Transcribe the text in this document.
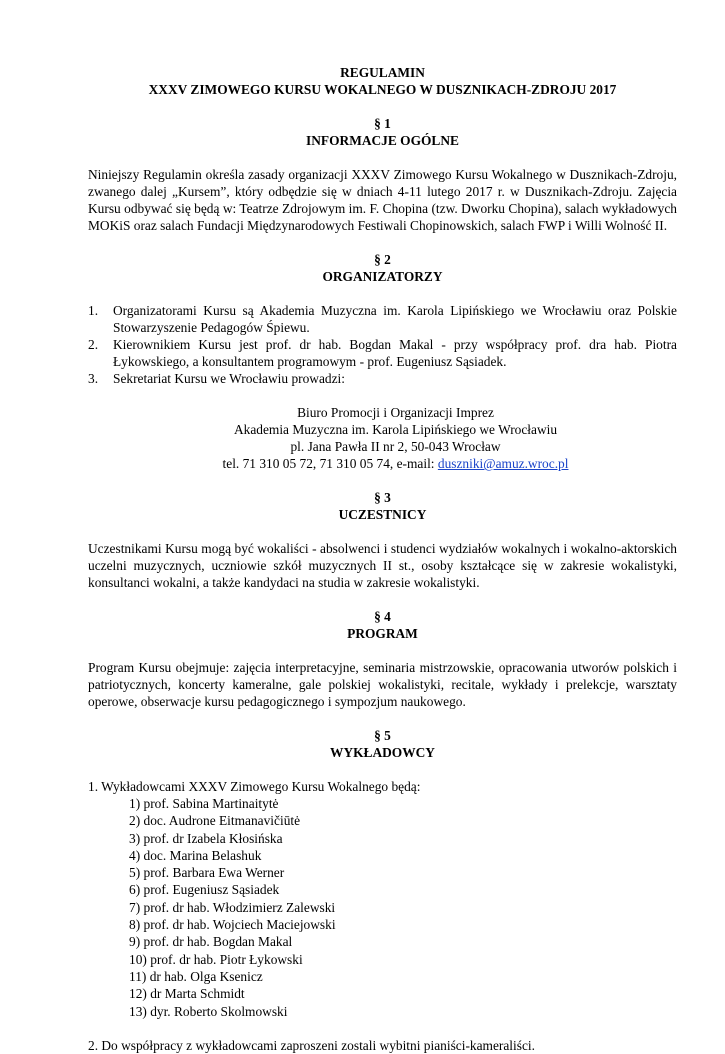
REGULAMIN
XXXV ZIMOWEGO KURSU WOKALNEGO W DUSZNIKACH-ZDROJU 2017
§ 1
INFORMACJE OGÓLNE
Niniejszy Regulamin określa zasady organizacji XXXV Zimowego Kursu Wokalnego w Dusznikach-Zdroju, zwanego dalej „Kursem”, który odbędzie się w dniach 4-11 lutego 2017 r. w Dusznikach-Zdroju. Zajęcia Kursu odbywać się będą w: Teatrze Zdrojowym im. F. Chopina (tzw. Dworku Chopina), salach wykładowych MOKiS oraz salach Fundacji Międzynarodowych Festiwali Chopinowskich, salach FWP i Willi Wolność II.
§ 2
ORGANIZATORZY
1. Organizatorami Kursu są Akademia Muzyczna im. Karola Lipińskiego we Wrocławiu oraz Polskie Stowarzyszenie Pedagogów Śpiewu.
2. Kierownikiem Kursu jest prof. dr hab. Bogdan Makal - przy współpracy prof. dra hab. Piotra Łykowskiego, a konsultantem programowym - prof. Eugeniusz Sąsiadek.
3. Sekretariat Kursu we Wrocławiu prowadzi:
Biuro Promocji i Organizacji Imprez
Akademia Muzyczna im. Karola Lipińskiego we Wrocławiu
pl. Jana Pawła II nr 2, 50-043 Wrocław
tel. 71 310 05 72, 71 310 05 74, e-mail: duszniki@amuz.wroc.pl
§ 3
UCZESTNICY
Uczestnikami Kursu mogą być wokaliści - absolwenci i studenci wydziałów wokalnych i wokalno-aktorskich uczelni muzycznych, uczniowie szkół muzycznych II st., osoby kształcące się w zakresie wokalistyki, konsultanci wokalni, a także kandydaci na studia w zakresie wokalistyki.
§ 4
PROGRAM
Program Kursu obejmuje: zajęcia interpretacyjne, seminaria mistrzowskie, opracowania utworów polskich i patriotycznych, koncerty kameralne, gale polskiej wokalistyki, recitale, wykłady i prelekcje, warsztaty operowe, obserwacje kursu pedagogicznego i sympozjum naukowego.
§ 5
WYKŁADOWCY
1. Wykładowcami XXXV Zimowego Kursu Wokalnego będą:
1) prof. Sabina Martinaitytė
2) doc. Audrone Eitmanavičiūtė
3) prof. dr Izabela Kłosińska
4) doc. Marina Belashuk
5) prof. Barbara Ewa Werner
6) prof. Eugeniusz Sąsiadek
7) prof. dr hab. Włodzimierz Zalewski
8) prof. dr hab. Wojciech Maciejowski
9) prof. dr hab. Bogdan Makal
10) prof. dr hab. Piotr Łykowski
11) dr hab. Olga Ksenicz
12) dr Marta Schmidt
13) dyr. Roberto Skolmowski
2. Do współpracy z wykładowcami zaproszeni zostali wybitni pianiści-kameraliści.
